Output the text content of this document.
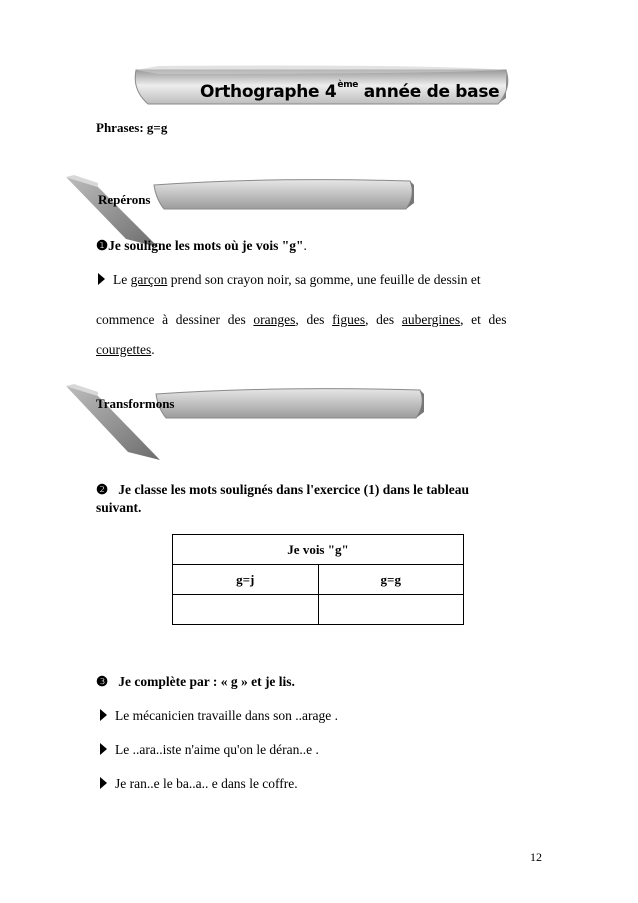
Orthographe 4ème année de base
Phrases: g=g
Repérons
❶Je souligne les mots où je vois "g".
Le garçon prend son crayon noir, sa gomme, une feuille de dessin et
commence à dessiner des oranges, des figues, des aubergines, et des
courgettes.
Transformons
❷ Je classe les mots soulignés dans l'exercice (1) dans le tableau
suivant.
Je vois "g"	
g=j	g=g

❸ Je complète par : « g » et je lis.
Le mécanicien travaille dans son ..arage .
Le ..ara..iste n'aime qu'on le déran..e .
Je ran..e le ba..a.. e dans le coffre.
12
